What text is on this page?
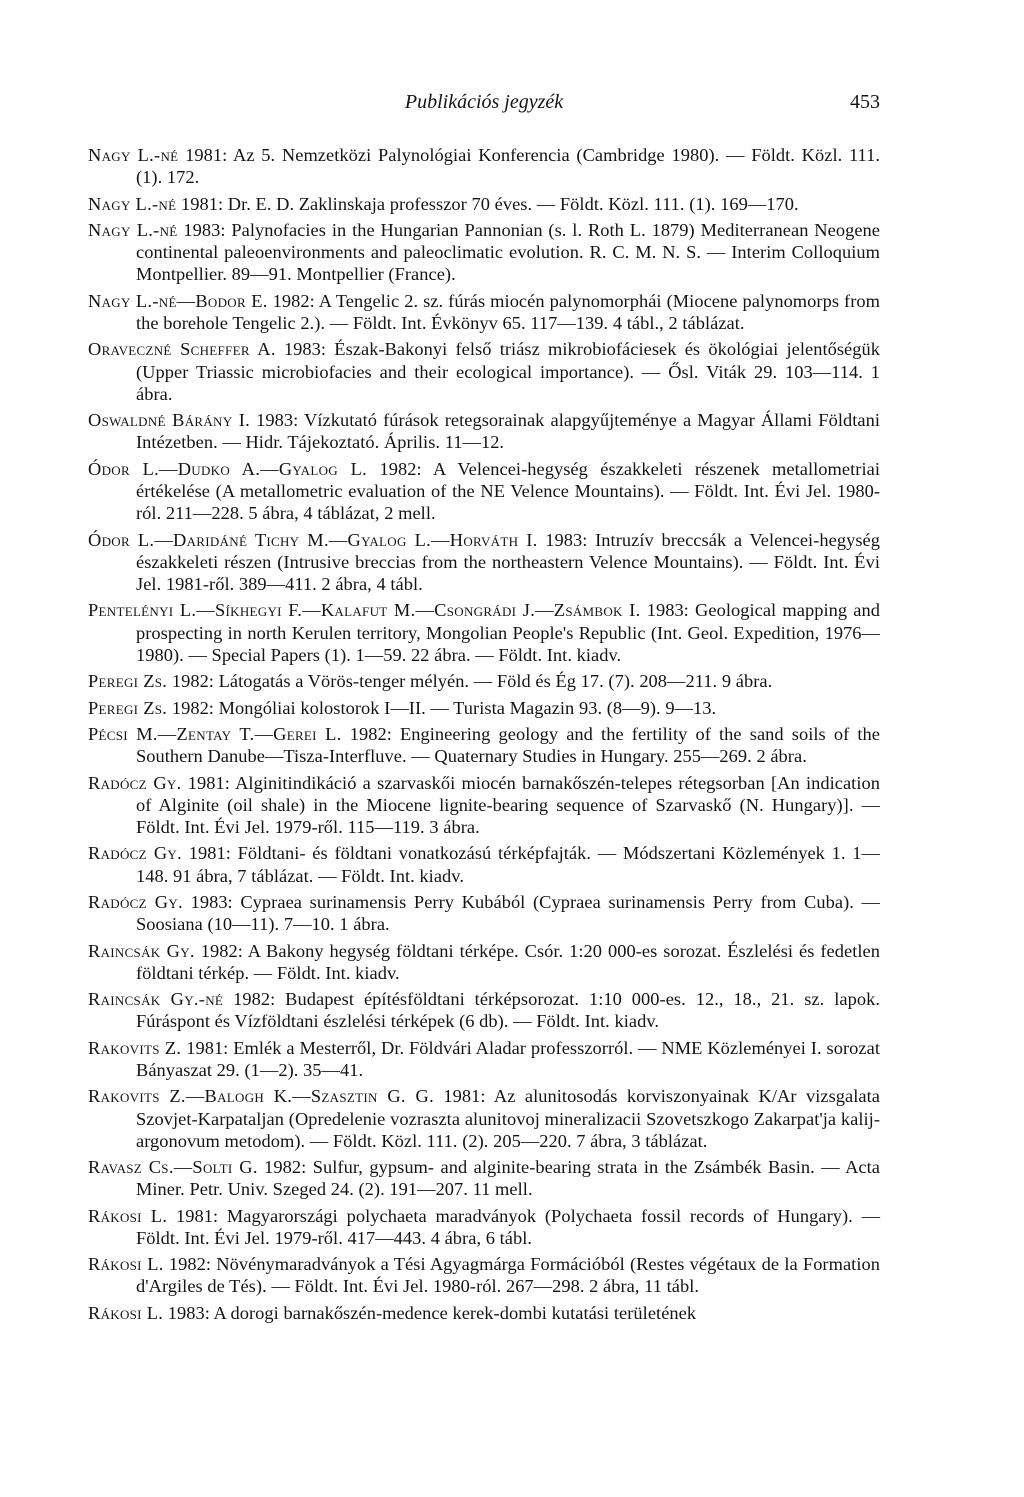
Publikációs jegyzék	453

Nagy L.-né 1981: Az 5. Nemzetközi Palynológiai Konferencia (Cambridge 1980). — Földt. Közl. 111. (1). 172.

Nagy L.-né 1981: Dr. E. D. Zaklinskaja professzor 70 éves. — Földt. Közl. 111. (1). 169—170.

Nagy L.-né 1983: Palynofacies in the Hungarian Pannonian (s. l. Roth L. 1879) Mediterranean Neogene continental paleoenvironments and paleoclimatic evolution. R. C. M. N. S. — Interim Colloquium Montpellier. 89—91. Montpellier (France).

Nagy L.-né—Bodor E. 1982: A Tengelic 2. sz. fúrás miocén palynomorphái (Miocene palynomorps from the borehole Tengelic 2.). — Földt. Int. Évkönyv 65. 117—139. 4 tábl., 2 táblázat.

Oraveczné Scheffer A. 1983: Észak-Bakonyi felső triász mikrobiofáciesek és ökológiai jelentőségük (Upper Triassic microbiofacies and their ecological importance). — Ősl. Viták 29. 103—114. 1 ábra.

Oswaldné Bárány I. 1983: Vízkutató fúrások retegsorainak alapgyűjteménye a Magyar Állami Földtani Intézetben. — Hidr. Tájekoztató. Április. 11—12.

Ódor L.—Dudko A.—Gyalog L. 1982: A Velencei-hegység északkeleti részenek metallometriai értékelése (A metallometric evaluation of the NE Velence Mountains). — Földt. Int. Évi Jel. 1980-ról. 211—228. 5 ábra, 4 táblázat, 2 mell.

Ódor L.—Daridáné Tichy M.—Gyalog L.—Horváth I. 1983: Intruzív breccsák a Velencei-hegység északkeleti részen (Intrusive breccias from the northeastern Velence Mountains). — Földt. Int. Évi Jel. 1981-ről. 389—411. 2 ábra, 4 tábl.

Pentelényi L.—Síkhegyi F.—Kalafut M.—Csongrádi J.—Zsámbok I. 1983: Geological mapping and prospecting in north Kerulen territory, Mongolian People's Republic (Int. Geol. Expedition, 1976—1980). — Special Papers (1). 1—59. 22 ábra. — Földt. Int. kiadv.

Peregi Zs. 1982: Látogatás a Vörös-tenger mélyén. — Föld és Ég 17. (7). 208—211. 9 ábra.

Peregi Zs. 1982: Mongóliai kolostorok I—II. — Turista Magazin 93. (8—9). 9—13.

Pécsi M.—Zentay T.—Gerei L. 1982: Engineering geology and the fertility of the sand soils of the Southern Danube—Tisza-Interfluve. — Quaternary Studies in Hungary. 255—269. 2 ábra.

Radócz Gy. 1981: Alginitindikáció a szarvaskői miocén barnakőszén-telepes rétegsorban [An indication of Alginite (oil shale) in the Miocene lignite-bearing sequence of Szarvaskő (N. Hungary)]. — Földt. Int. Évi Jel. 1979-ről. 115—119. 3 ábra.

Radócz Gy. 1981: Földtani- és földtani vonatkozású térképfajták. — Módszertani Közlemények 1. 1—148. 91 ábra, 7 táblázat. — Földt. Int. kiadv.

Radócz Gy. 1983: Cypraea surinamensis Perry Kubából (Cypraea surinamensis Perry from Cuba). — Soosiana (10—11). 7—10. 1 ábra.

Raincsák Gy. 1982: A Bakony hegység földtani térképe. Csór. 1:20 000-es sorozat. Észlelési és fedetlen földtani térkép. — Földt. Int. kiadv.

Raincsák Gy.-né 1982: Budapest építésföldtani térképsorozat. 1:10 000-es. 12., 18., 21. sz. lapok. Fúráspont és Vízföldtani észlelési térképek (6 db). — Földt. Int. kiadv.

Rakovits Z. 1981: Emlék a Mesterről, Dr. Földvári Aladar professzorról. — NME Közleményei I. sorozat Bányaszat 29. (1—2). 35—41.

Rakovits Z.—Balogh K.—Szasztin G. G. 1981: Az alunitosodás korviszonyainak K/Ar vizsgalata Szovjet-Karpataljan (Opredelenie vozraszta alunitovoj mineralizacii Szovetszkogo Zakarpat'ja kalij-argonovum metodom). — Földt. Közl. 111. (2). 205—220. 7 ábra, 3 táblázat.

Ravasz Cs.—Solti G. 1982: Sulfur, gypsum- and alginite-bearing strata in the Zsámbék Basin. — Acta Miner. Petr. Univ. Szeged 24. (2). 191—207. 11 mell.

Rákosi L. 1981: Magyarországi polychaeta maradványok (Polychaeta fossil records of Hungary). — Földt. Int. Évi Jel. 1979-ről. 417—443. 4 ábra, 6 tábl.

Rákosi L. 1982: Növénymaradványok a Tési Agyagmárga Formációból (Restes végétaux de la Formation d'Argiles de Tés). — Földt. Int. Évi Jel. 1980-ról. 267—298. 2 ábra, 11 tábl.

Rákosi L. 1983: A dorogi barnakőszén-medence kerek-dombi kutatási területének
